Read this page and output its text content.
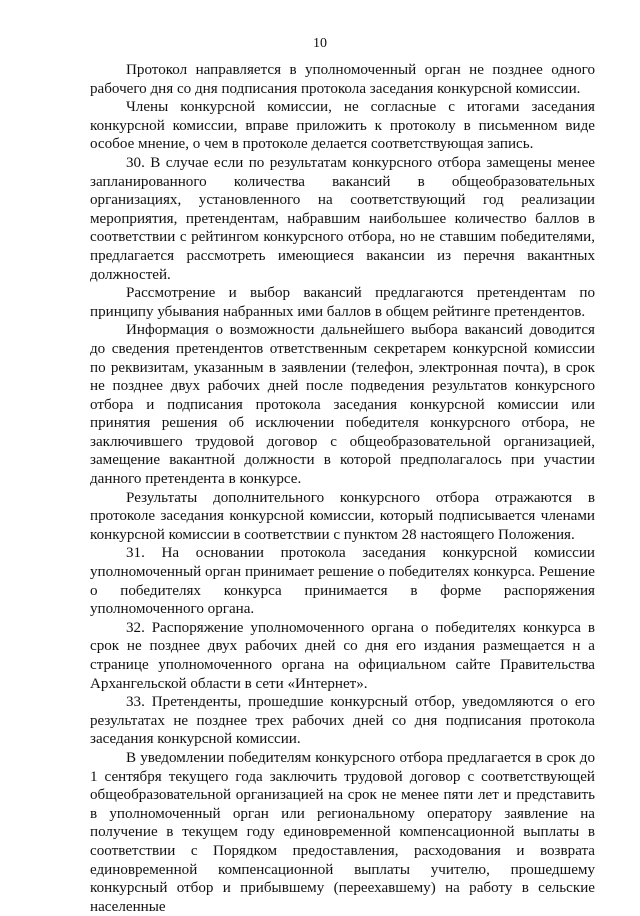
10

Протокол направляется в уполномоченный орган не позднее одного рабочего дня со дня подписания протокола заседания конкурсной комиссии.

Члены конкурсной комиссии, не согласные с итогами заседания конкурсной комиссии, вправе приложить к протоколу в письменном виде особое мнение, о чем в протоколе делается соответствующая запись.

30. В случае если по результатам конкурсного отбора замещены менее запланированного количества вакансий в общеобразовательных организациях, установленного на соответствующий год реализации мероприятия, претендентам, набравшим наибольшее количество баллов в соответствии с рейтингом конкурсного отбора, но не ставшим победителями, предлагается рассмотреть имеющиеся вакансии из перечня вакантных должностей.

Рассмотрение и выбор вакансий предлагаются претендентам по принципу убывания набранных ими баллов в общем рейтинге претендентов.

Информация о возможности дальнейшего выбора вакансий доводится до сведения претендентов ответственным секретарем конкурсной комиссии по реквизитам, указанным в заявлении (телефон, электронная почта), в срок не позднее двух рабочих дней после подведения результатов конкурсного отбора и подписания протокола заседания конкурсной комиссии или принятия решения об исключении победителя конкурсного отбора, не заключившего трудовой договор с общеобразовательной организацией, замещение вакантной должности в которой предполагалось при участии данного претендента в конкурсе.

Результаты дополнительного конкурсного отбора отражаются в протоколе заседания конкурсной комиссии, который подписывается членами конкурсной комиссии в соответствии с пунктом 28 настоящего Положения.

31. На основании протокола заседания конкурсной комиссии уполномоченный орган принимает решение о победителях конкурса. Решение о победителях конкурса принимается в форме распоряжения уполномоченного органа.

32. Распоряжение уполномоченного органа о победителях конкурса в срок не позднее двух рабочих дней со дня его издания размещается н а странице уполномоченного органа на официальном сайте Правительства Архангельской области в сети «Интернет».

33. Претенденты, прошедшие конкурсный отбор, уведомляются о его результатах не позднее трех рабочих дней со дня подписания протокола заседания конкурсной комиссии.

В уведомлении победителям конкурсного отбора предлагается в срок до 1 сентября текущего года заключить трудовой договор с соответствующей общеобразовательной организацией на срок не менее пяти лет и представить в уполномоченный орган или региональному оператору заявление на получение в текущем году единовременной компенсационной выплаты в соответствии с Порядком предоставления, расходования и возврата единовременной компенсационной выплаты учителю, прошедшему конкурсный отбор и прибывшему (переехавшему) на работу в сельские населенные
